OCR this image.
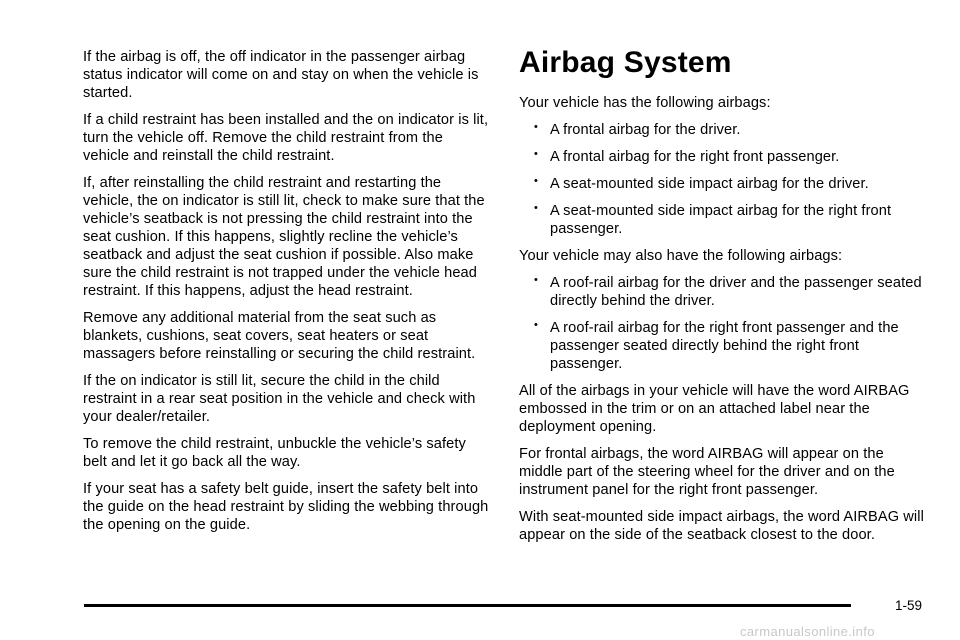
If the airbag is off, the off indicator in the passenger airbag status indicator will come on and stay on when the vehicle is started.

If a child restraint has been installed and the on indicator is lit, turn the vehicle off. Remove the child restraint from the vehicle and reinstall the child restraint.

If, after reinstalling the child restraint and restarting the vehicle, the on indicator is still lit, check to make sure that the vehicle’s seatback is not pressing the child restraint into the seat cushion. If this happens, slightly recline the vehicle’s seatback and adjust the seat cushion if possible. Also make sure the child restraint is not trapped under the vehicle head restraint. If this happens, adjust the head restraint.

Remove any additional material from the seat such as blankets, cushions, seat covers, seat heaters or seat massagers before reinstalling or securing the child restraint.

If the on indicator is still lit, secure the child in the child restraint in a rear seat position in the vehicle and check with your dealer/retailer.

To remove the child restraint, unbuckle the vehicle’s safety belt and let it go back all the way.

If your seat has a safety belt guide, insert the safety belt into the guide on the head restraint by sliding the webbing through the opening on the guide.

Airbag System

Your vehicle has the following airbags:

• A frontal airbag for the driver.
• A frontal airbag for the right front passenger.
• A seat-mounted side impact airbag for the driver.
• A seat-mounted side impact airbag for the right front passenger.

Your vehicle may also have the following airbags:

• A roof-rail airbag for the driver and the passenger seated directly behind the driver.
• A roof-rail airbag for the right front passenger and the passenger seated directly behind the right front passenger.

All of the airbags in your vehicle will have the word AIRBAG embossed in the trim or on an attached label near the deployment opening.

For frontal airbags, the word AIRBAG will appear on the middle part of the steering wheel for the driver and on the instrument panel for the right front passenger.

With seat-mounted side impact airbags, the word AIRBAG will appear on the side of the seatback closest to the door.

1-59
carmanualsonline.info
